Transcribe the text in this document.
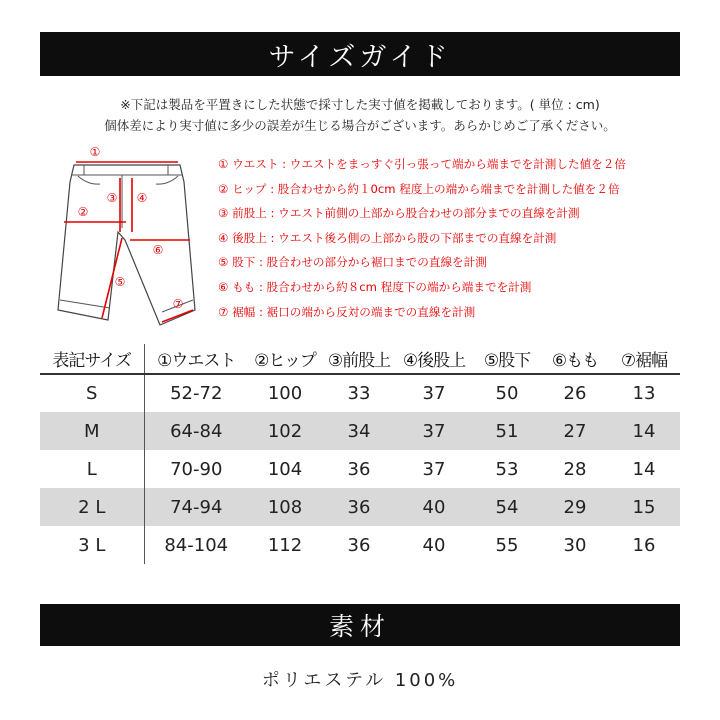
サイズガイド
※下記は製品を平置きにした状態で採寸した実寸値を掲載しております。( 単位 : cm)
個体差により実寸値に多少の誤差が生じる場合がございます。あらかじめご了承ください。
①
②
③ ④
⑥
⑤
⑦
① ウエスト : ウエストをまっすぐ引っ張って端から端までを計測した値を２倍
② ヒップ : 股合わせから約１0cm 程度上の端から端までを計測した値を２倍
③ 前股上 : ウエスト前側の上部から股合わせの部分までの直線を計測
④ 後股上 : ウエスト後ろ側の上部から股の下部までの直線を計測
⑤ 股下 : 股合わせの部分から裾口までの直線を計測
⑥ もも : 股合わせから約８cm 程度下の端から端までを計測
⑦ 裾幅 : 裾口の端から反対の端までの直線を計測
表記サイズ	①ウエスト	②ヒップ	③前股上	④後股上	⑤股下	⑥もも	⑦裾幅
S	52-72	100	33	37	50	26	13
M	64-84	102	34	37	51	27	14
L	70-90	104	36	37	53	28	14
2 L	74-94	108	36	40	54	29	15
3 L	84-104	112	36	40	55	30	16
素材
ポリエステル 100%
